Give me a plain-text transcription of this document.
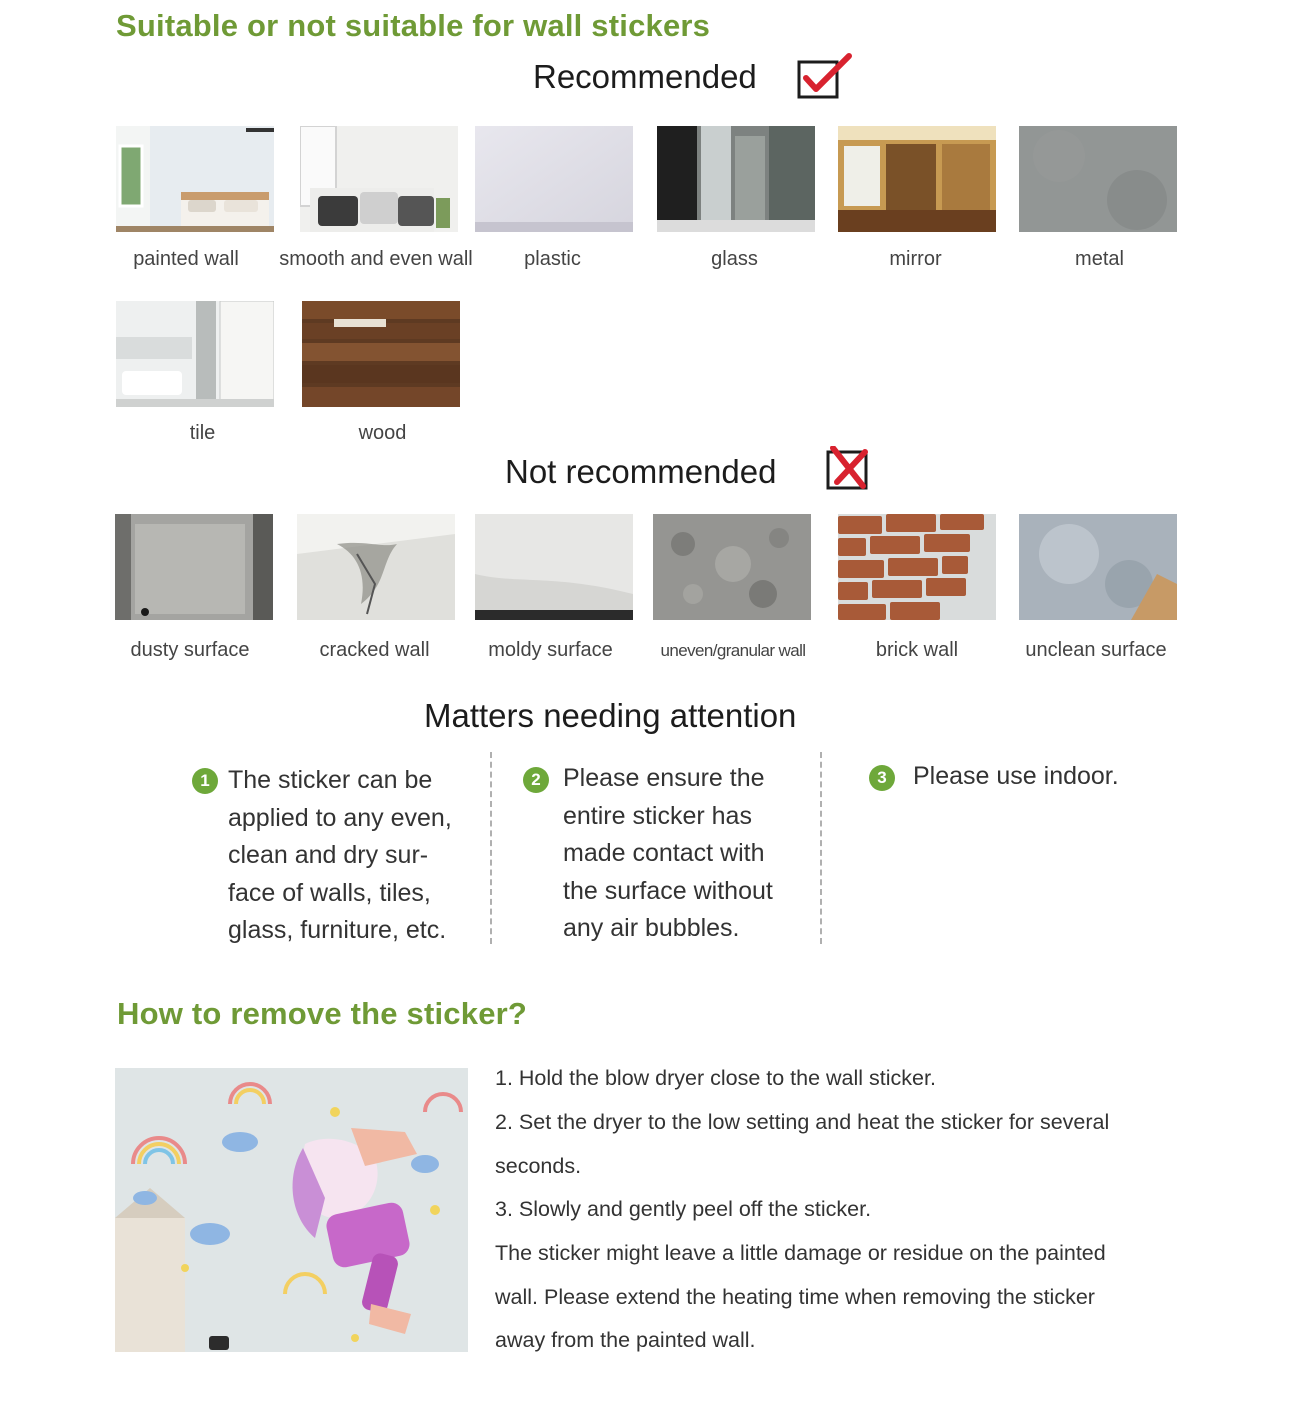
Suitable or not suitable for wall stickers
Recommended
painted wall	smooth and even wall	plastic	glass	mirror	metal
tile	wood
Not recommended
dusty surface	cracked wall	moldy surface	uneven/granular wall	brick wall	unclean surface
Matters needing attention
1 The sticker can be
applied to any even,
clean and dry sur-
face of walls, tiles,
glass, furniture, etc.
2 Please ensure the
entire sticker has
made contact with
the surface without
any air bubbles.
3	Please use indoor.
How to remove the sticker?
1. Hold the blow dryer close to the wall sticker.
2. Set the dryer to the low setting and heat the sticker for several
seconds.
3. Slowly and gently peel off the sticker.
The sticker might leave a little damage or residue on the painted
wall. Please extend the heating time when removing the sticker
away from the painted wall.
